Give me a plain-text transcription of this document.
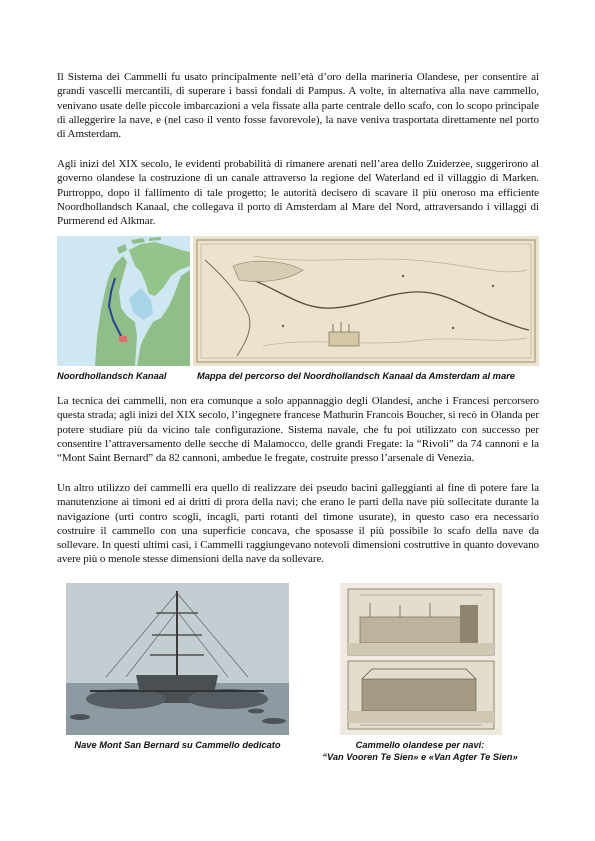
Il Sistema dei Cammelli fu usato principalmente nell’età d’oro della marineria Olandese, per consentire ai grandi vascelli mercantili, di superare i bassi fondali di Pampus. A volte, in alternativa alla nave cammello, venivano usate delle piccole imbarcazioni a vela fissate alla parte centrale dello scafo, con lo scopo principale di alleggerire la nave, e (nel caso il vento fosse favorevole), la nave veniva trasportata direttamente nel porto di Amsterdam.

Agli inizi del XIX secolo, le evidenti probabilità di rimanere arenati nell’area dello Zuiderzee, suggerirono al governo olandese la costruzione di un canale attraverso la regione del Waterland ed il villaggio di Marken. Purtroppo, dopo il fallimento di tale progetto; le autorità decisero di scavare il più oneroso ma efficiente Noordhollandsch Kanaal, che collegava il porto di Amsterdam al Mare del Nord, attraversando i villaggi di Purmerend ed Alkmar.

Noordhollandsch Kanaal	Mappa del percorso del Noordhollandsch Kanaal da Amsterdam al mare

La tecnica dei cammelli, non era comunque a solo appannaggio degli Olandesi, anche i Francesi percorsero questa strada; agli inizi del XIX secolo, l’ingegnere francese Mathurin Francois Boucher, si recò in Olanda per potere studiare più da vicino tale configurazione. Sistema navale, che fu poi utilizzato con successo per consentire l’attraversamento delle secche di Malamocco, delle grandi Fregate: la “Rivoli” da 74 cannoni e la “Mont Saint Bernard” da 82 cannoni, ambedue le fregate, costruite presso l’arsenale di Venezia.

Un altro utilizzo dei cammelli era quello di realizzare dei pseudo bacini galleggianti al fine di potere fare la manutenzione ai timoni ed ai dritti di prora della navi; che erano le parti della nave più sollecitate durante la navigazione (urti contro scogli, incagli, parti rotanti del timone usurate), in questo caso era necessario costruire il cammello con una superficie concava, che sposasse il più possibile lo scafo della nave da sollevare. In questi ultimi casi, i Cammelli raggiungevano notevoli dimensioni costruttive in quanto dovevano avere più o menole stesse dimensioni della nave da sollevare.

Nave Mont San Bernard su Cammello dedicato	Cammello olandese per navi:
“Van Vooren Te Sien» e «Van Agter Te Sien»
